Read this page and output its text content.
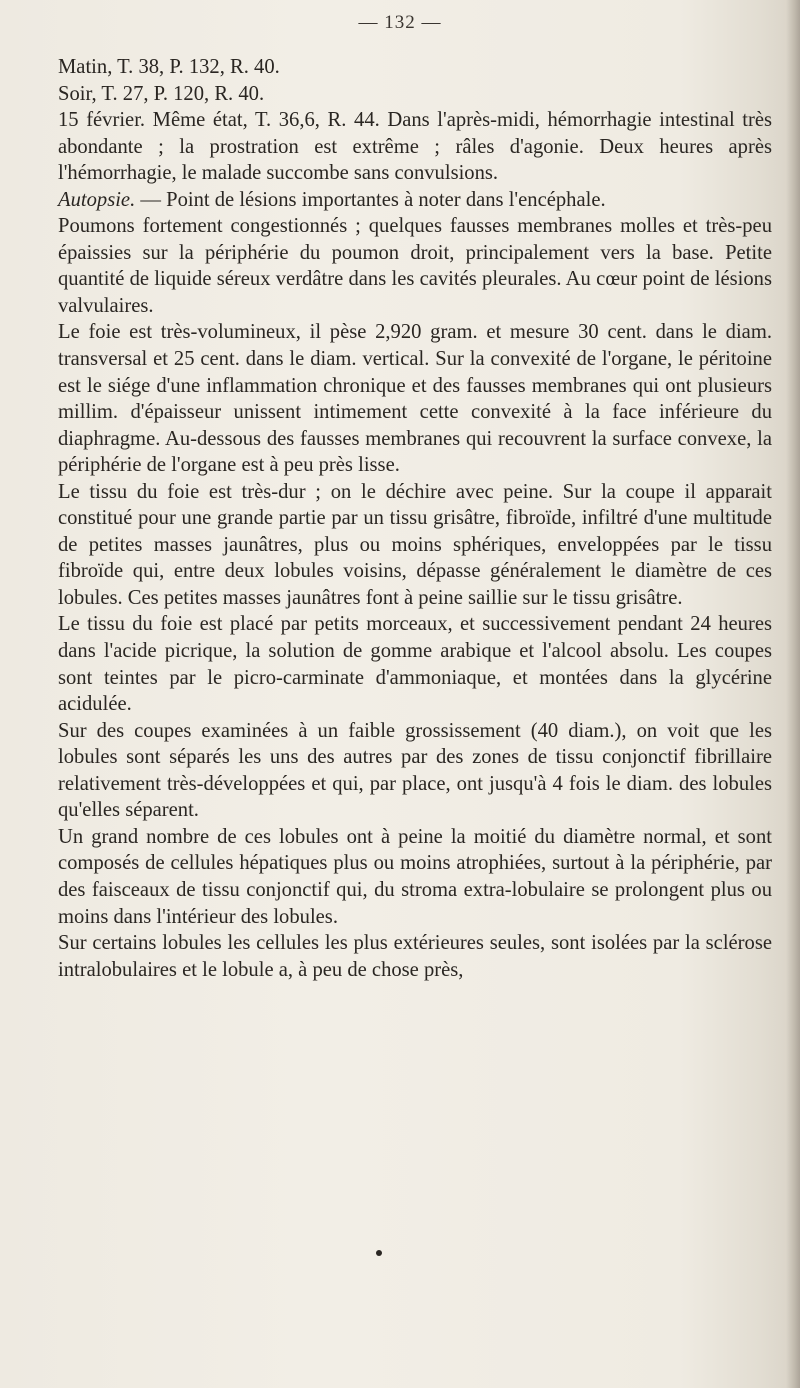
— 132 —

Matin, T. 38, P. 132, R. 40.

Soir, T. 27, P. 120, R. 40.

15 février. Même état, T. 36,6, R. 44. Dans l'après-midi, hémorrhagie intestinal très abondante ; la prostration est extrême ; râles d'agonie. Deux heures après l'hémorrhagie, le malade succombe sans convulsions.

Autopsie. — Point de lésions importantes à noter dans l'encéphale.

Poumons fortement congestionnés ; quelques fausses membranes molles et très-peu épaissies sur la périphérie du poumon droit, principalement vers la base. Petite quantité de liquide séreux verdâtre dans les cavités pleurales. Au cœur point de lésions valvulaires.

Le foie est très-volumineux, il pèse 2,920 gram. et mesure 30 cent. dans le diam. transversal et 25 cent. dans le diam. vertical. Sur la convexité de l'organe, le péritoine est le siége d'une inflammation chronique et des fausses membranes qui ont plusieurs millim. d'épaisseur unissent intimement cette convexité à la face inférieure du diaphragme. Au-dessous des fausses membranes qui recouvrent la surface convexe, la périphérie de l'organe est à peu près lisse.

Le tissu du foie est très-dur ; on le déchire avec peine. Sur la coupe il apparait constitué pour une grande partie par un tissu grisâtre, fibroïde, infiltré d'une multitude de petites masses jaunâtres, plus ou moins sphériques, enveloppées par le tissu fibroïde qui, entre deux lobules voisins, dépasse généralement le diamètre de ces lobules. Ces petites masses jaunâtres font à peine saillie sur le tissu grisâtre.

Le tissu du foie est placé par petits morceaux, et successivement pendant 24 heures dans l'acide picrique, la solution de gomme arabique et l'alcool absolu. Les coupes sont teintes par le picro-carminate d'ammoniaque, et montées dans la glycérine acidulée.

Sur des coupes examinées à un faible grossissement (40 diam.), on voit que les lobules sont séparés les uns des autres par des zones de tissu conjonctif fibrillaire relativement très-développées et qui, par place, ont jusqu'à 4 fois le diam. des lobules qu'elles séparent.

Un grand nombre de ces lobules ont à peine la moitié du diamètre normal, et sont composés de cellules hépatiques plus ou moins atrophiées, surtout à la périphérie, par des faisceaux de tissu conjonctif qui, du stroma extra-lobulaire se prolongent plus ou moins dans l'intérieur des lobules.

Sur certains lobules les cellules les plus extérieures seules, sont isolées par la sclérose intralobulaires et le lobule a, à peu de chose près,
